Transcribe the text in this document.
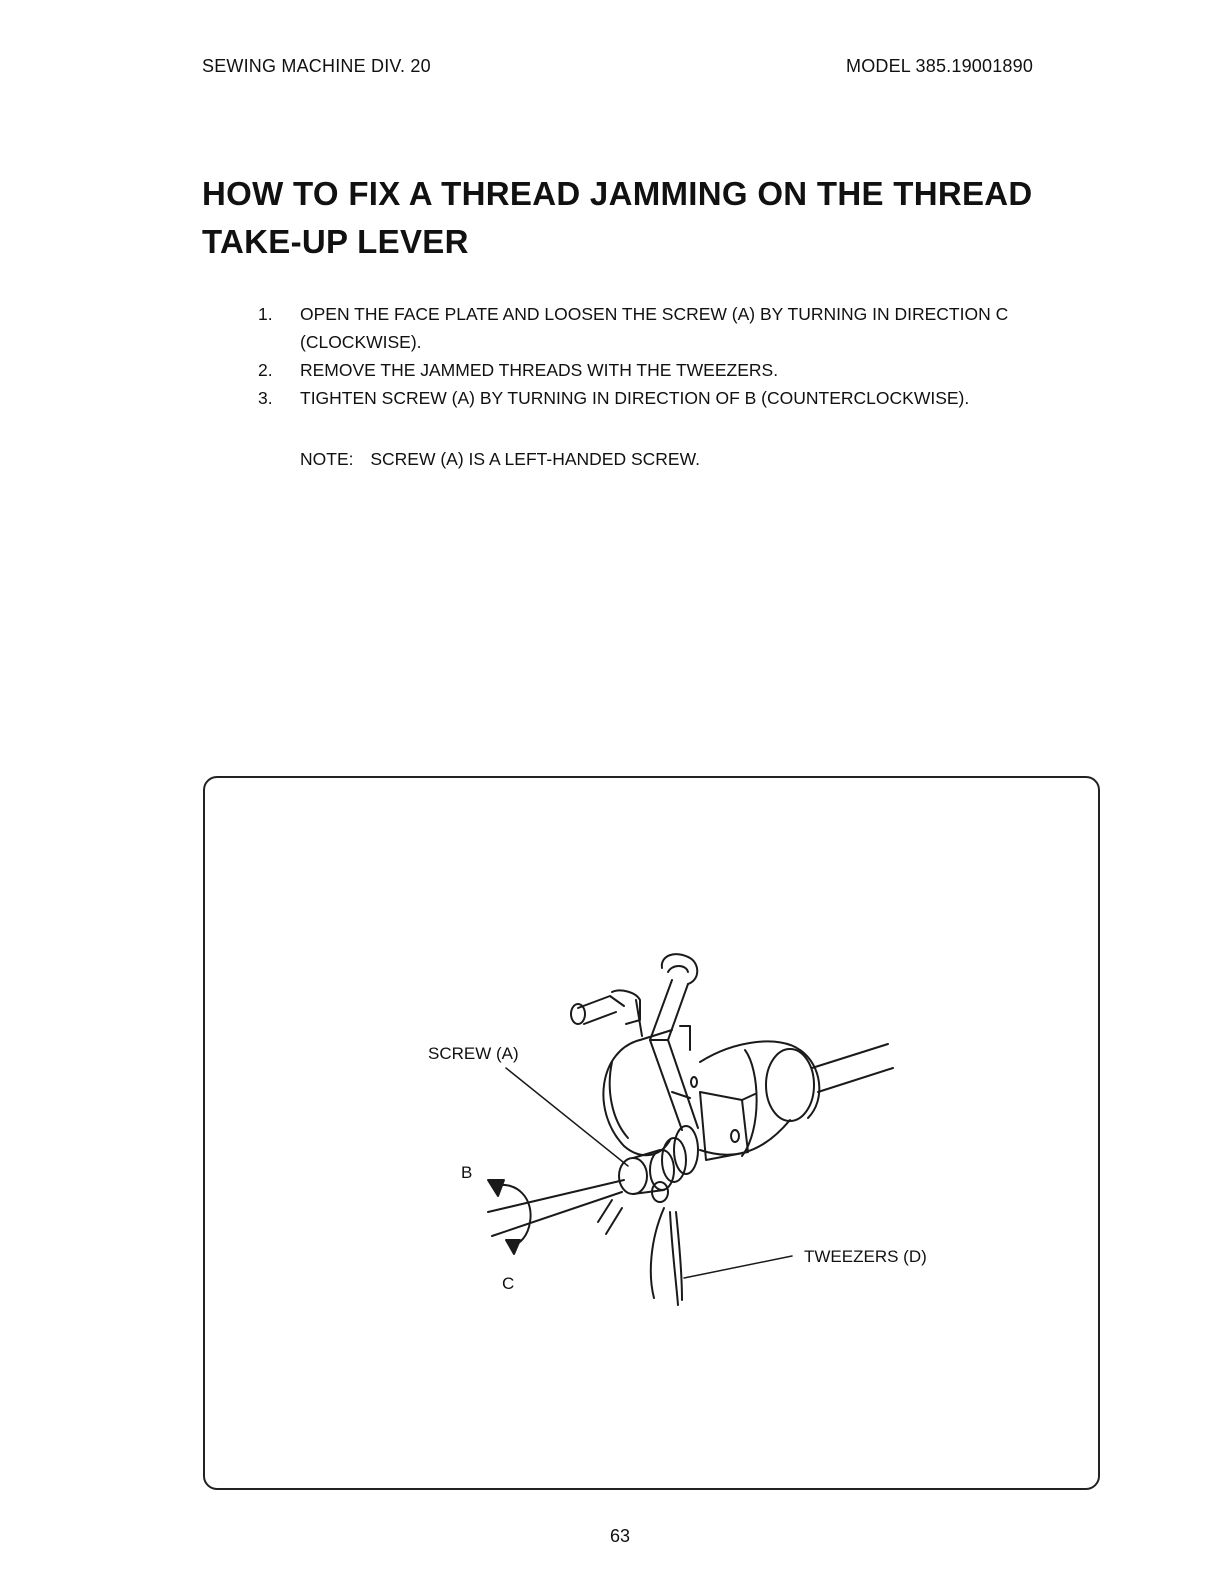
SEWING MACHINE DIV. 20	MODEL 385.19001890
HOW TO FIX A THREAD JAMMING ON THE THREAD TAKE-UP LEVER
1. OPEN THE FACE PLATE AND LOOSEN THE SCREW (A) BY TURNING IN DIRECTION C (CLOCKWISE).
2. REMOVE THE JAMMED THREADS WITH THE TWEEZERS.
3. TIGHTEN SCREW (A) BY TURNING IN DIRECTION OF B (COUNTERCLOCKWISE).
NOTE: SCREW (A) IS A LEFT-HANDED SCREW.
SCREW (A)
B
C
TWEEZERS (D)
63
